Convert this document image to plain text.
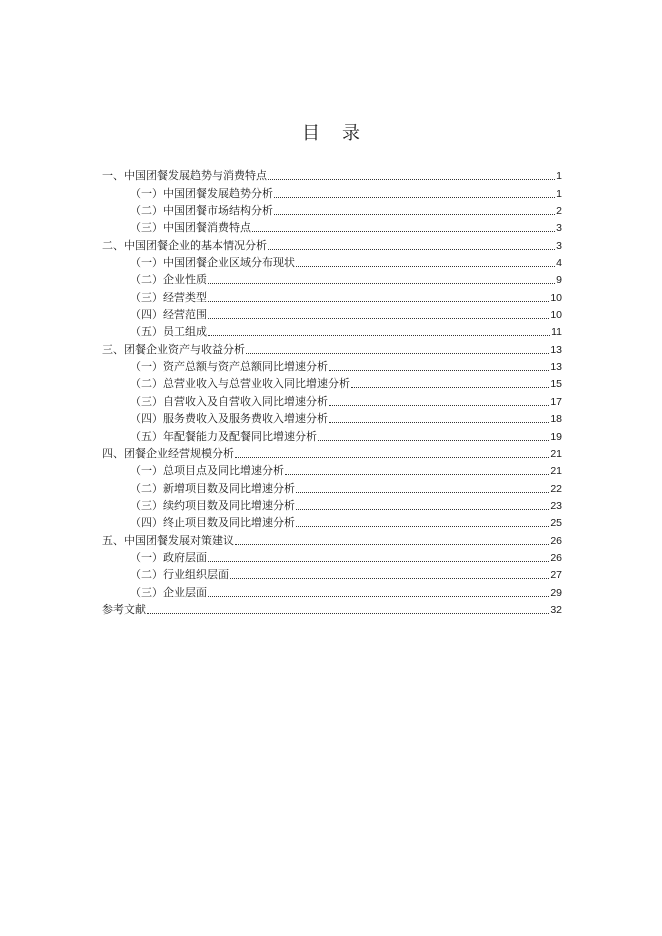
目 录
一、中国团餐发展趋势与消费特点	1
（一）中国团餐发展趋势分析	1
（二）中国团餐市场结构分析	2
（三）中国团餐消费特点	3
二、中国团餐企业的基本情况分析	3
（一）中国团餐企业区域分布现状	4
（二）企业性质	9
（三）经营类型	10
（四）经营范围	10
（五）员工组成	11
三、团餐企业资产与收益分析	13
（一）资产总额与资产总额同比增速分析	13
（二）总营业收入与总营业收入同比增速分析	15
（三）自营收入及自营收入同比增速分析	17
（四）服务费收入及服务费收入增速分析	18
（五）年配餐能力及配餐同比增速分析	19
四、团餐企业经营规模分析	21
（一）总项目点及同比增速分析	21
（二）新增项目数及同比增速分析	22
（三）续约项目数及同比增速分析	23
（四）终止项目数及同比增速分析	25
五、中国团餐发展对策建议	26
（一）政府层面	26
（二）行业组织层面	27
（三）企业层面	29
参考文献	32
